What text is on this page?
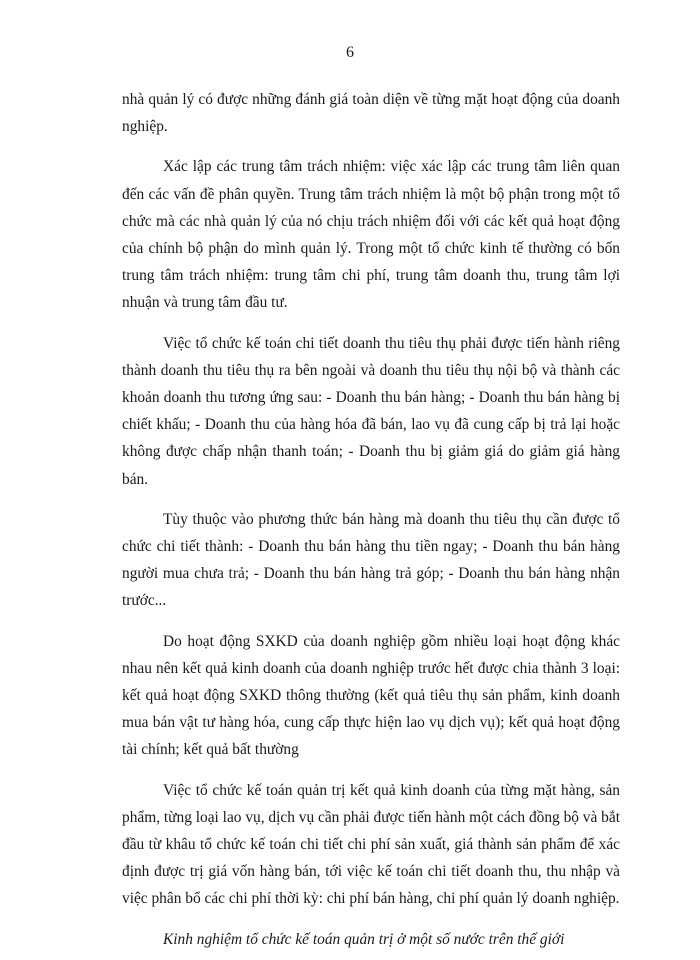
6

nhà quản lý có được những đánh giá toàn diện về từng mặt hoạt động của doanh nghiệp.

Xác lập các trung tâm trách nhiệm: việc xác lập các trung tâm liên quan đến các vấn đề phân quyền. Trung tâm trách nhiệm là một bộ phận trong một tổ chức mà các nhà quản lý của nó chịu trách nhiệm đối với các kết quả hoạt động của chính bộ phận do mình quản lý. Trong một tổ chức kinh tế thường có bốn trung tâm trách nhiệm: trung tâm chi phí, trung tâm doanh thu, trung tâm lợi nhuận và trung tâm đầu tư.

Việc tổ chức kế toán chi tiết doanh thu tiêu thụ phải được tiến hành riêng thành doanh thu tiêu thụ ra bên ngoài và doanh thu tiêu thụ nội bộ và thành các khoản doanh thu tương ứng sau: - Doanh thu bán hàng; - Doanh thu bán hàng bị chiết khấu; - Doanh thu của hàng hóa đã bán, lao vụ đã cung cấp bị trả lại hoặc không được chấp nhận thanh toán; - Doanh thu bị giảm giá do giảm giá hàng bán.

Tùy thuộc vào phương thức bán hàng mà doanh thu tiêu thụ cần được tổ chức chi tiết thành: - Doanh thu bán hàng thu tiền ngay; - Doanh thu bán hàng người mua chưa trả; - Doanh thu bán hàng trả góp; - Doanh thu bán hàng nhận trước...

Do hoạt động SXKD của doanh nghiệp gồm nhiều loại hoạt động khác nhau nên kết quả kinh doanh của doanh nghiệp trước hết được chia thành 3 loại: kết quả hoạt động SXKD thông thường (kết quả tiêu thụ sản phẩm, kinh doanh mua bán vật tư hàng hóa, cung cấp thực hiện lao vụ dịch vụ); kết quả hoạt động tài chính; kết quả bất thường

Việc tổ chức kế toán quản trị kết quả kinh doanh của từng mặt hàng, sản phẩm, từng loại lao vụ, dịch vụ cần phải được tiến hành một cách đồng bộ và bắt đầu từ khâu tổ chức kế toán chi tiết chi phí sản xuất, giá thành sản phẩm để xác định được trị giá vốn hàng bán, tới việc kế toán chi tiết doanh thu, thu nhập và việc phân bổ các chi phí thời kỳ: chi phí bán hàng, chi phí quản lý doanh nghiệp.

Kinh nghiệm tổ chức kế toán quản trị ở một số nước trên thế giới
